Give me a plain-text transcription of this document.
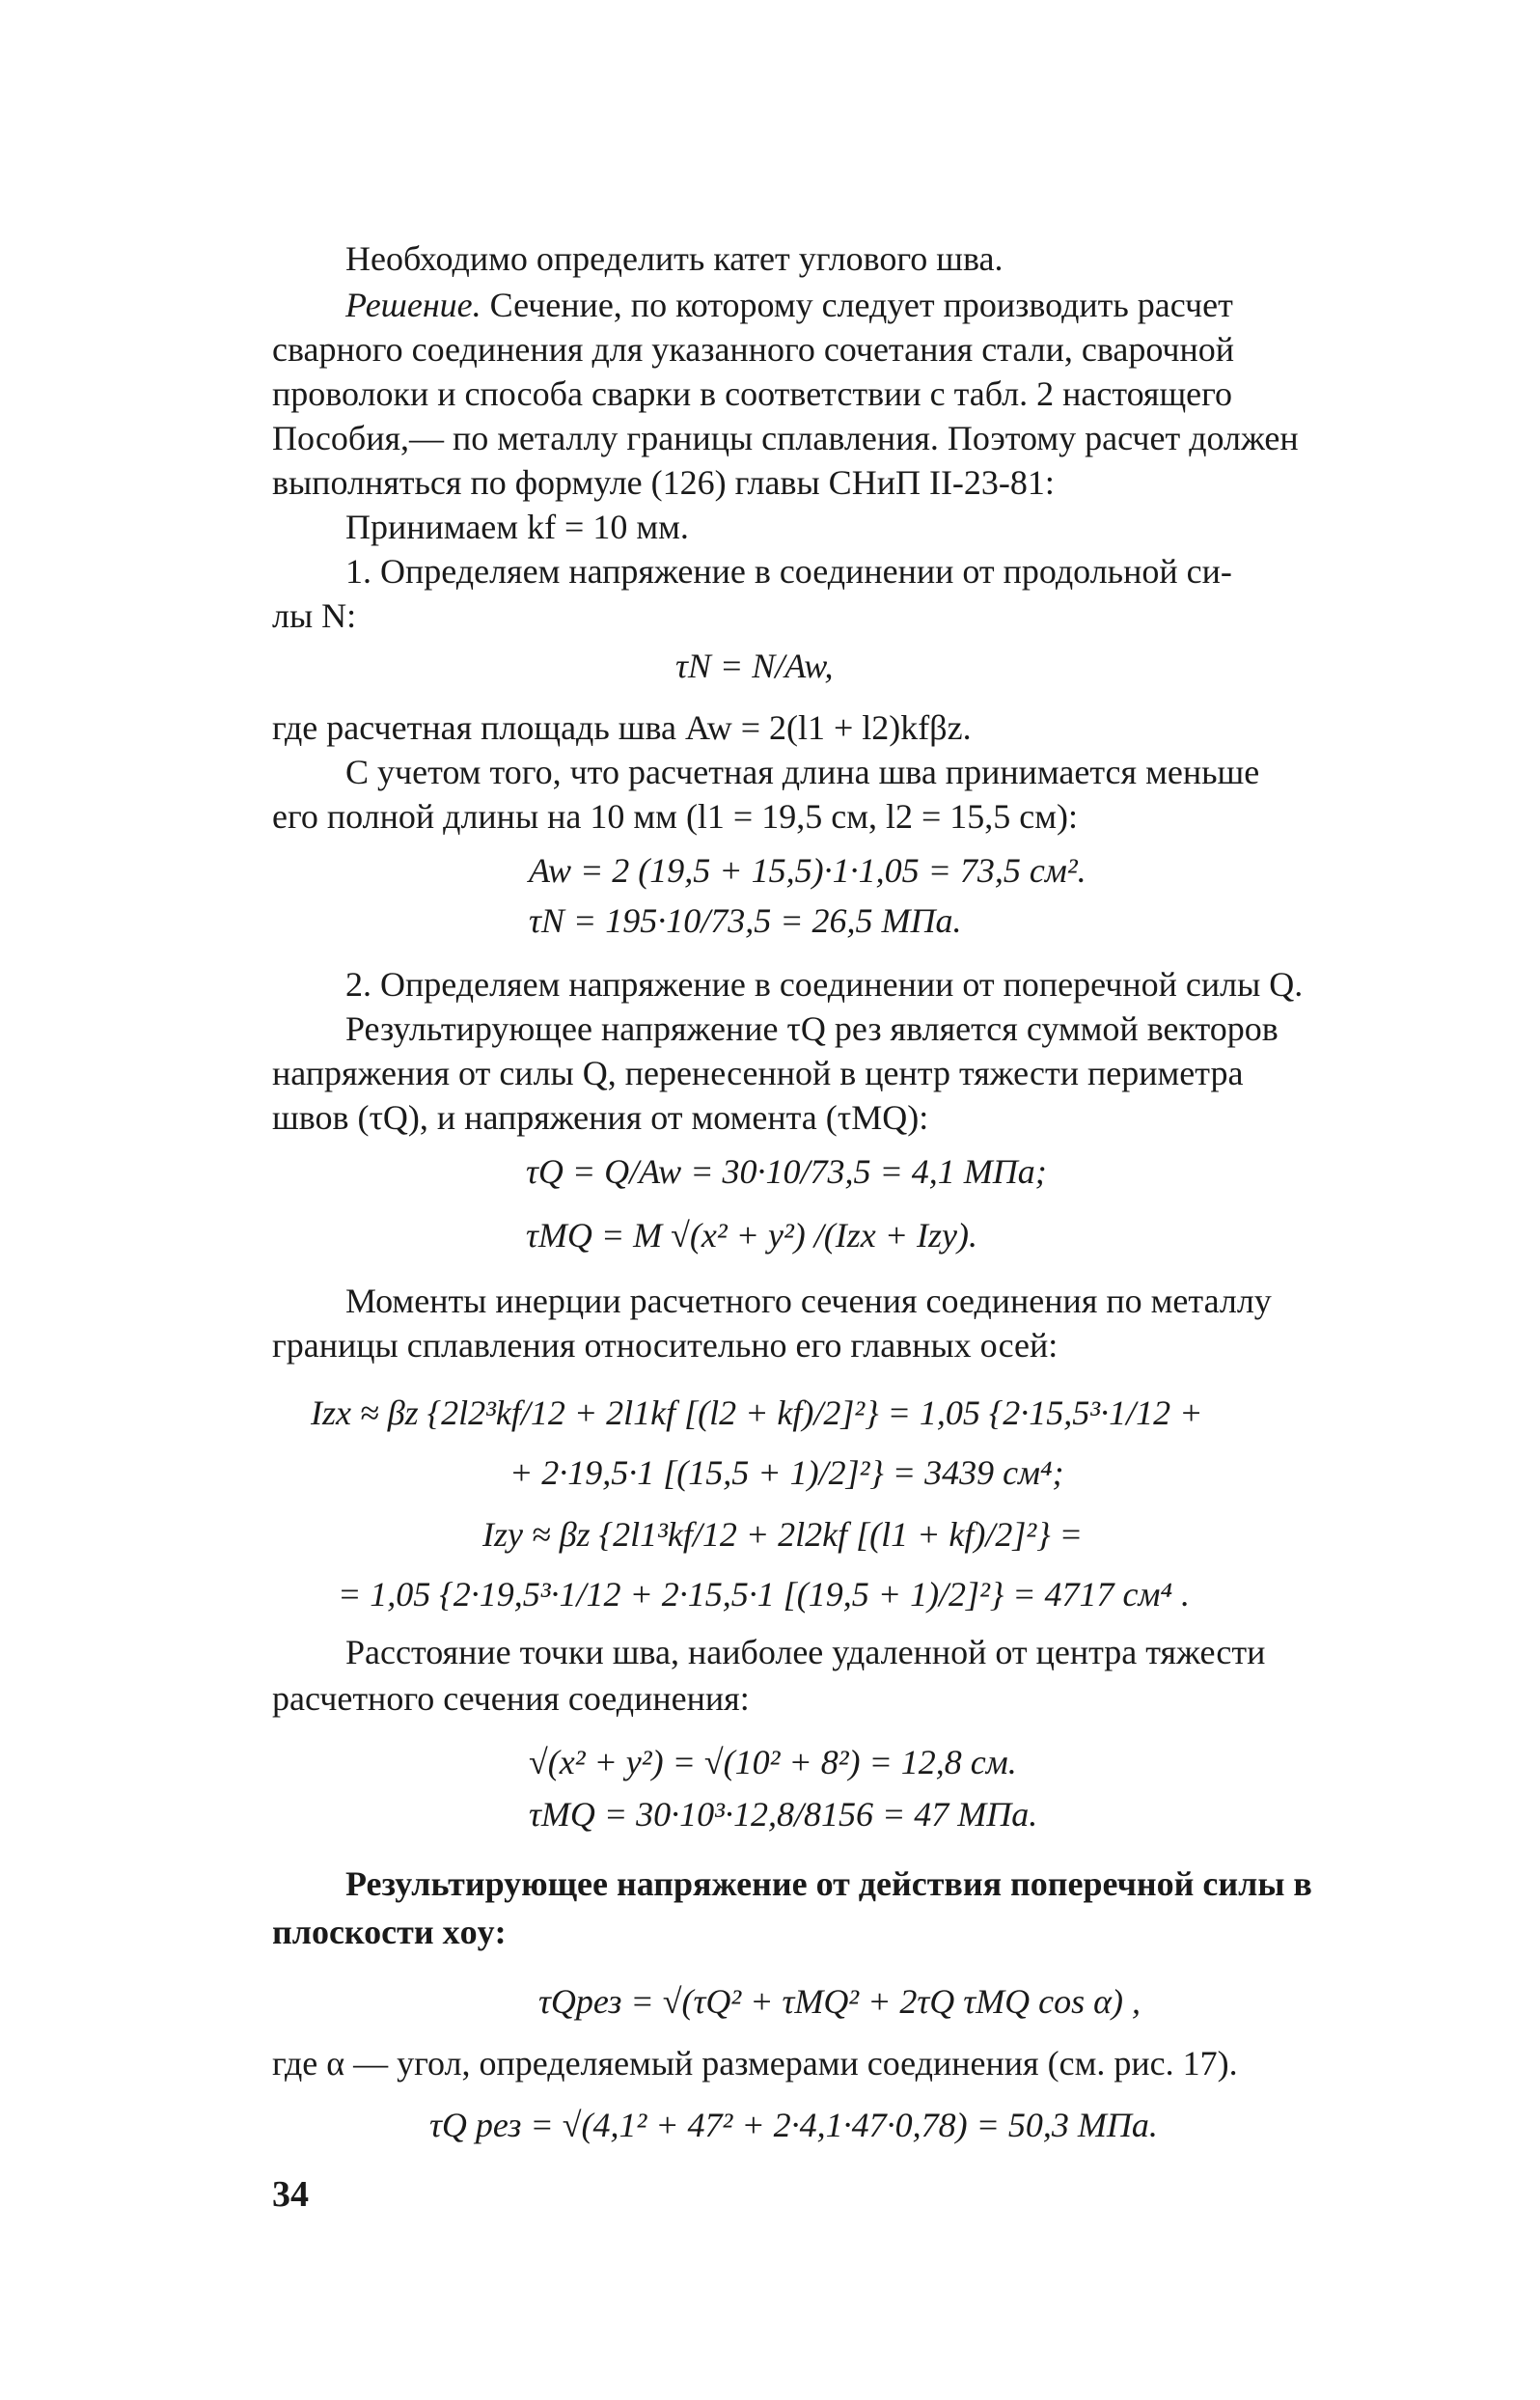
Необходимо определить катет углового шва.
Решение. Сечение, по которому следует производить расчет
сварного соединения для указанного сочетания стали, сварочной
проволоки и способа сварки в соответствии с табл. 2 настоящего
Пособия,— по металлу границы сплавления. Поэтому расчет должен
выполняться по формуле (126) главы СНиП II-23-81:
Принимаем kf = 10 мм.
1. Определяем напряжение в соединении от продольной си-
лы N:
τN = N/Aw,
где расчетная площадь шва Aw = 2(l1 + l2)kfβz.
С учетом того, что расчетная длина шва принимается меньше
его полной длины на 10 мм (l1 = 19,5 см, l2 = 15,5 см):
Aw = 2 (19,5 + 15,5)·1·1,05 = 73,5 см².
τN = 195·10/73,5 = 26,5 МПа.
2. Определяем напряжение в соединении от поперечной силы Q.
Результирующее напряжение τQ рез является суммой векторов
напряжения от силы Q, перенесенной в центр тяжести периметра
швов (τQ), и напряжения от момента (τMQ):
τQ = Q/Aw = 30·10/73,5 = 4,1 МПа;
τMQ = M √(x² + y²) /(Izx + Izy).
Моменты инерции расчетного сечения соединения по металлу
границы сплавления относительно его главных осей:
Izx ≈ βz {2l2³kf/12 + 2l1kf [(l2 + kf)/2]²} = 1,05 {2·15,5³·1/12 +
+ 2·19,5·1 [(15,5 + 1)/2]²} = 3439 см⁴;
Izy ≈ βz {2l1³kf/12 + 2l2kf [(l1 + kf)/2]²} =
= 1,05 {2·19,5³·1/12 + 2·15,5·1 [(19,5 + 1)/2]²} = 4717 см⁴ .
Расстояние точки шва, наиболее удаленной от центра тяжести
расчетного сечения соединения:
√(x² + y²) = √(10² + 8²) = 12,8 см.
τMQ = 30·10³·12,8/8156 = 47 МПа.
Результирующее напряжение от действия поперечной силы в
плоскости xoy:
τQрез = √(τQ² + τMQ² + 2τQ τMQ cos α) ,
где α — угол, определяемый размерами соединения (см. рис. 17).
τQ рез = √(4,1² + 47² + 2·4,1·47·0,78) = 50,3 МПа.
34
